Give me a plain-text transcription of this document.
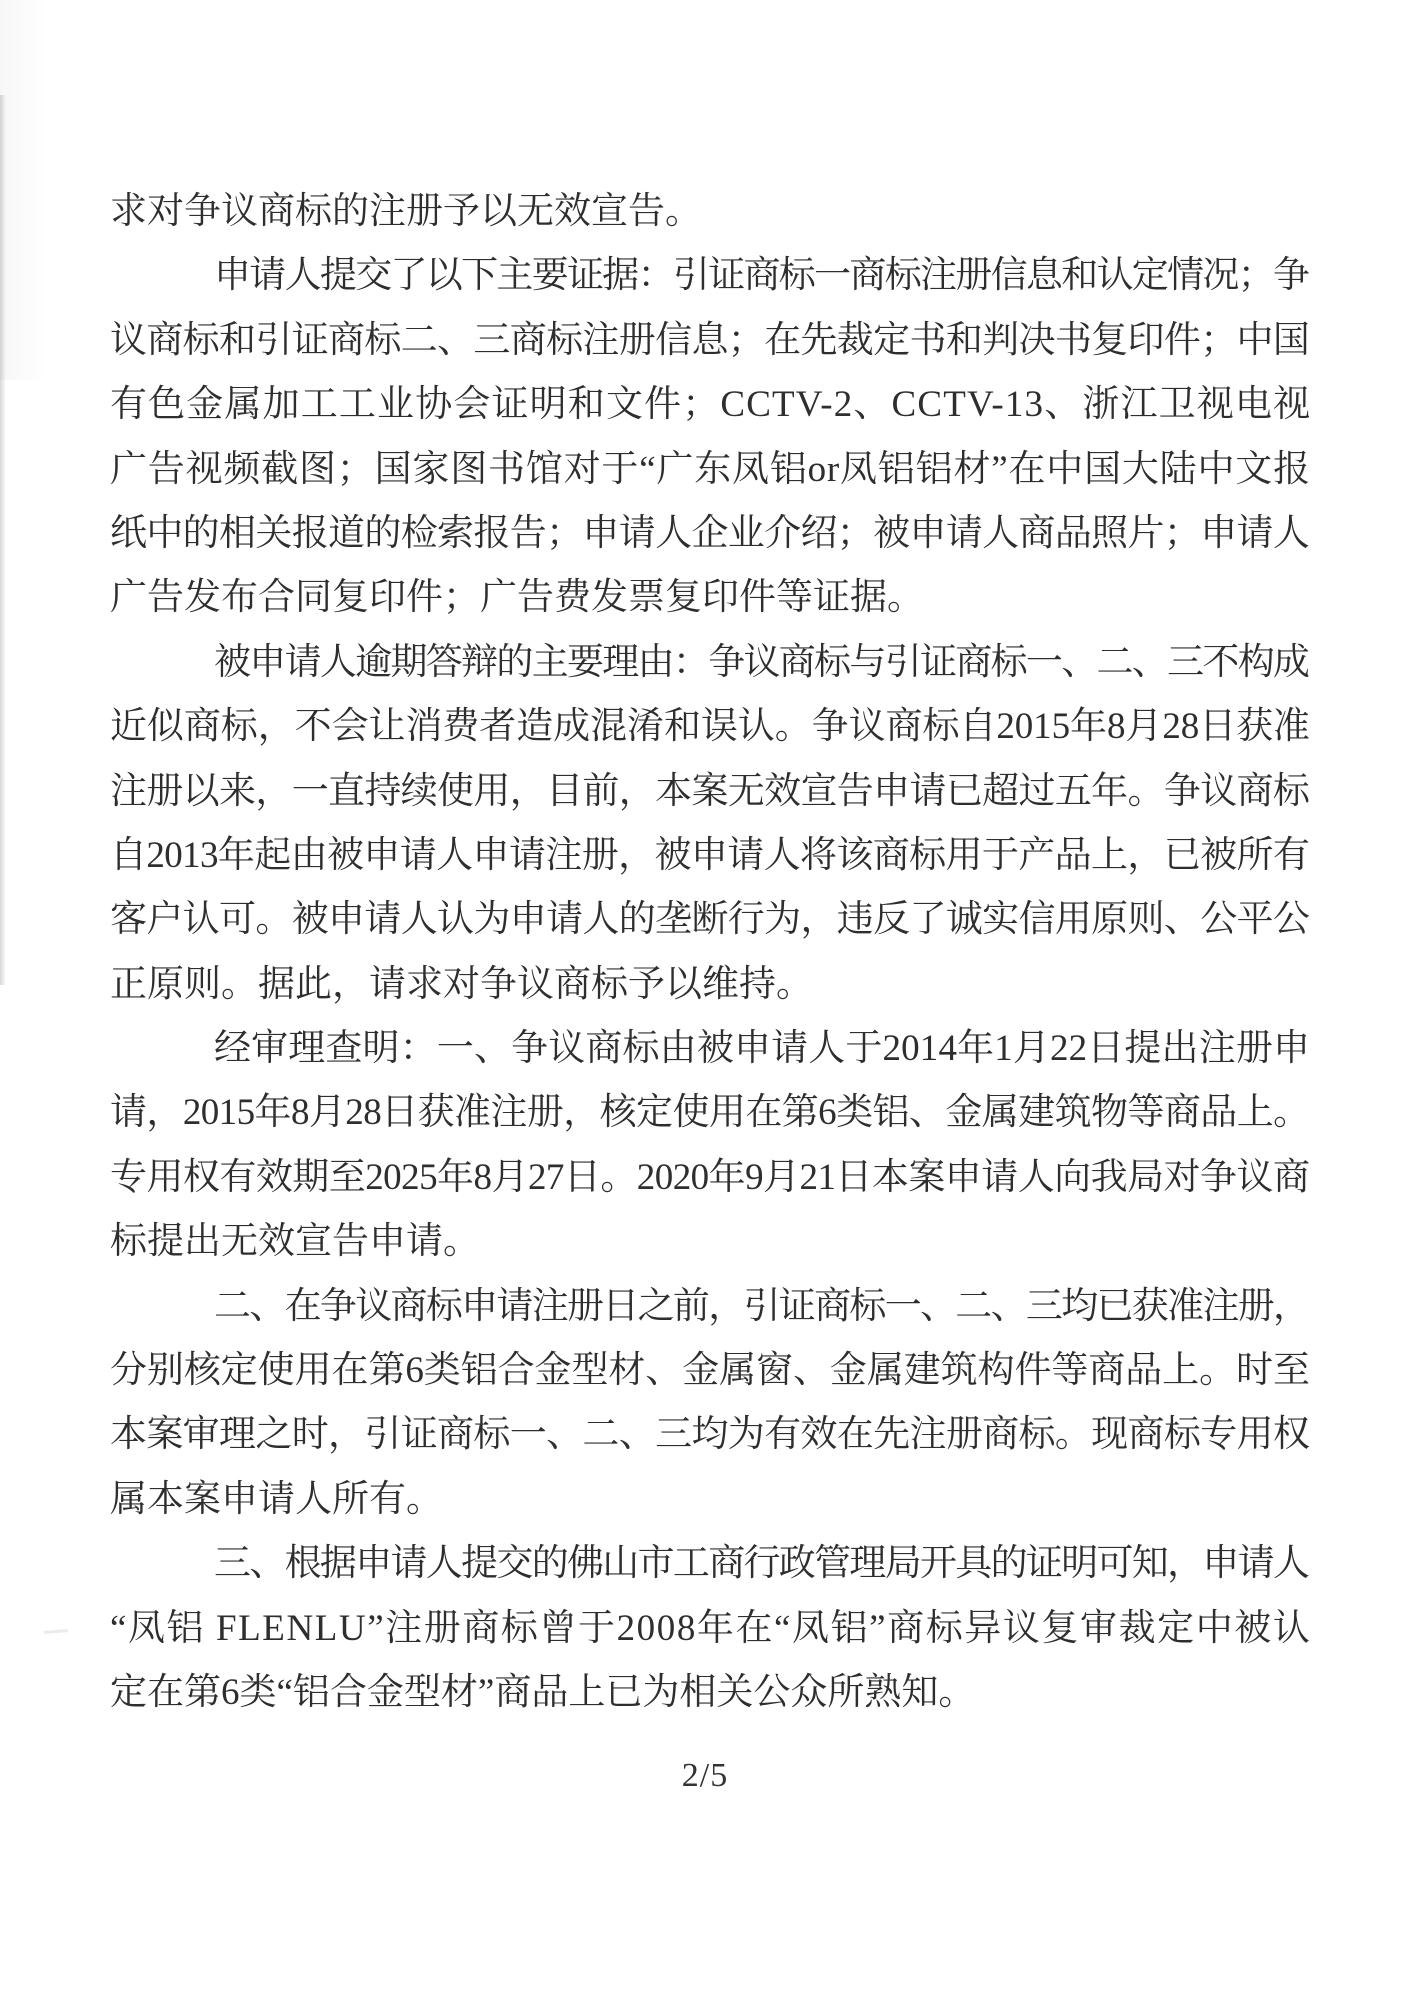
求对争议商标的注册予以无效宣告。
申请人提交了以下主要证据：引证商标一商标注册信息和认定情况；争
议商标和引证商标二、三商标注册信息；在先裁定书和判决书复印件；中国
有色金属加工工业协会证明和文件；CCTV-2、CCTV-13、浙江卫视电视
广告视频截图；国家图书馆对于“广东凤铝or凤铝铝材”在中国大陆中文报
纸中的相关报道的检索报告；申请人企业介绍；被申请人商品照片；申请人
广告发布合同复印件；广告费发票复印件等证据。
被申请人逾期答辩的主要理由：争议商标与引证商标一、二、三不构成
近似商标，不会让消费者造成混淆和误认。争议商标自2015年8月28日获准
注册以来，一直持续使用，目前，本案无效宣告申请已超过五年。争议商标
自2013年起由被申请人申请注册，被申请人将该商标用于产品上，已被所有
客户认可。被申请人认为申请人的垄断行为，违反了诚实信用原则、公平公
正原则。据此，请求对争议商标予以维持。
经审理查明：一、争议商标由被申请人于2014年1月22日提出注册申
请，2015年8月28日获准注册，核定使用在第6类铝、金属建筑物等商品上。
专用权有效期至2025年8月27日。2020年9月21日本案申请人向我局对争议商
标提出无效宣告申请。
二、在争议商标申请注册日之前，引证商标一、二、三均已获准注册，
分别核定使用在第6类铝合金型材、金属窗、金属建筑构件等商品上。时至
本案审理之时，引证商标一、二、三均为有效在先注册商标。现商标专用权
属本案申请人所有。
三、根据申请人提交的佛山市工商行政管理局开具的证明可知，申请人
“凤铝 FLENLU”注册商标曾于2008年在“凤铝”商标异议复审裁定中被认
定在第6类“铝合金型材”商品上已为相关公众所熟知。
2/5
